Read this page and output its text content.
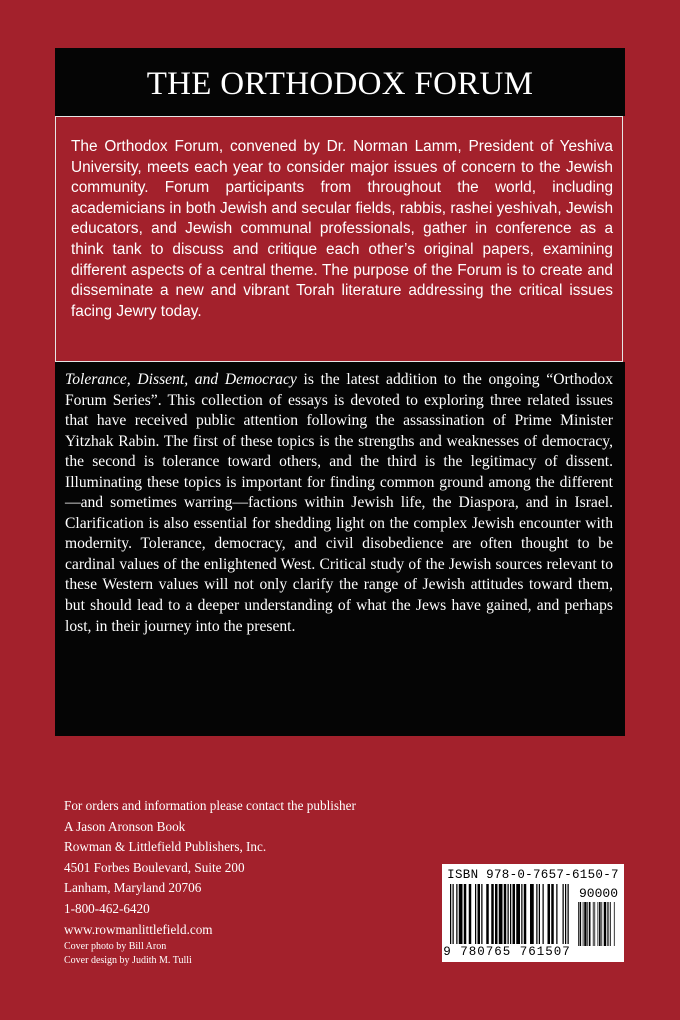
THE ORTHODOX FORUM

The Orthodox Forum, convened by Dr. Norman Lamm, President of Yeshiva University, meets each year to consider major issues of concern to the Jewish community. Forum participants from throughout the world, including academicians in both Jewish and secular fields, rabbis, rashei yeshivah, Jewish educators, and Jewish communal professionals, gather in conference as a think tank to discuss and critique each other’s original papers, examining different aspects of a central theme. The purpose of the Forum is to create and disseminate a new and vibrant Torah literature addressing the critical issues facing Jewry today.

Tolerance, Dissent, and Democracy is the latest addition to the ongoing “Orthodox Forum Series”. This collection of essays is devoted to exploring three related issues that have received public attention following the assassination of Prime Minister Yitzhak Rabin. The first of these topics is the strengths and weaknesses of democracy, the second is tolerance toward others, and the third is the legitimacy of dissent. Illuminating these topics is important for finding common ground among the different—and sometimes warring—factions within Jewish life, the Diaspora, and in Israel. Clarification is also essential for shedding light on the complex Jewish encounter with modernity. Tolerance, democracy, and civil disobedience are often thought to be cardinal values of the enlightened West. Critical study of the Jewish sources relevant to these Western values will not only clarify the range of Jewish attitudes toward them, but should lead to a deeper understanding of what the Jews have gained, and perhaps lost, in their journey into the present.

For orders and information please contact the publisher
A Jason Aronson Book
Rowman & Littlefield Publishers, Inc.
4501 Forbes Boulevard, Suite 200
Lanham, Maryland 20706
1-800-462-6420
www.rowmanlittlefield.com
Cover photo by Bill Aron
Cover design by Judith M. Tulli
ISBN 978-0-7657-6150-7
90000
9 780765 761507
